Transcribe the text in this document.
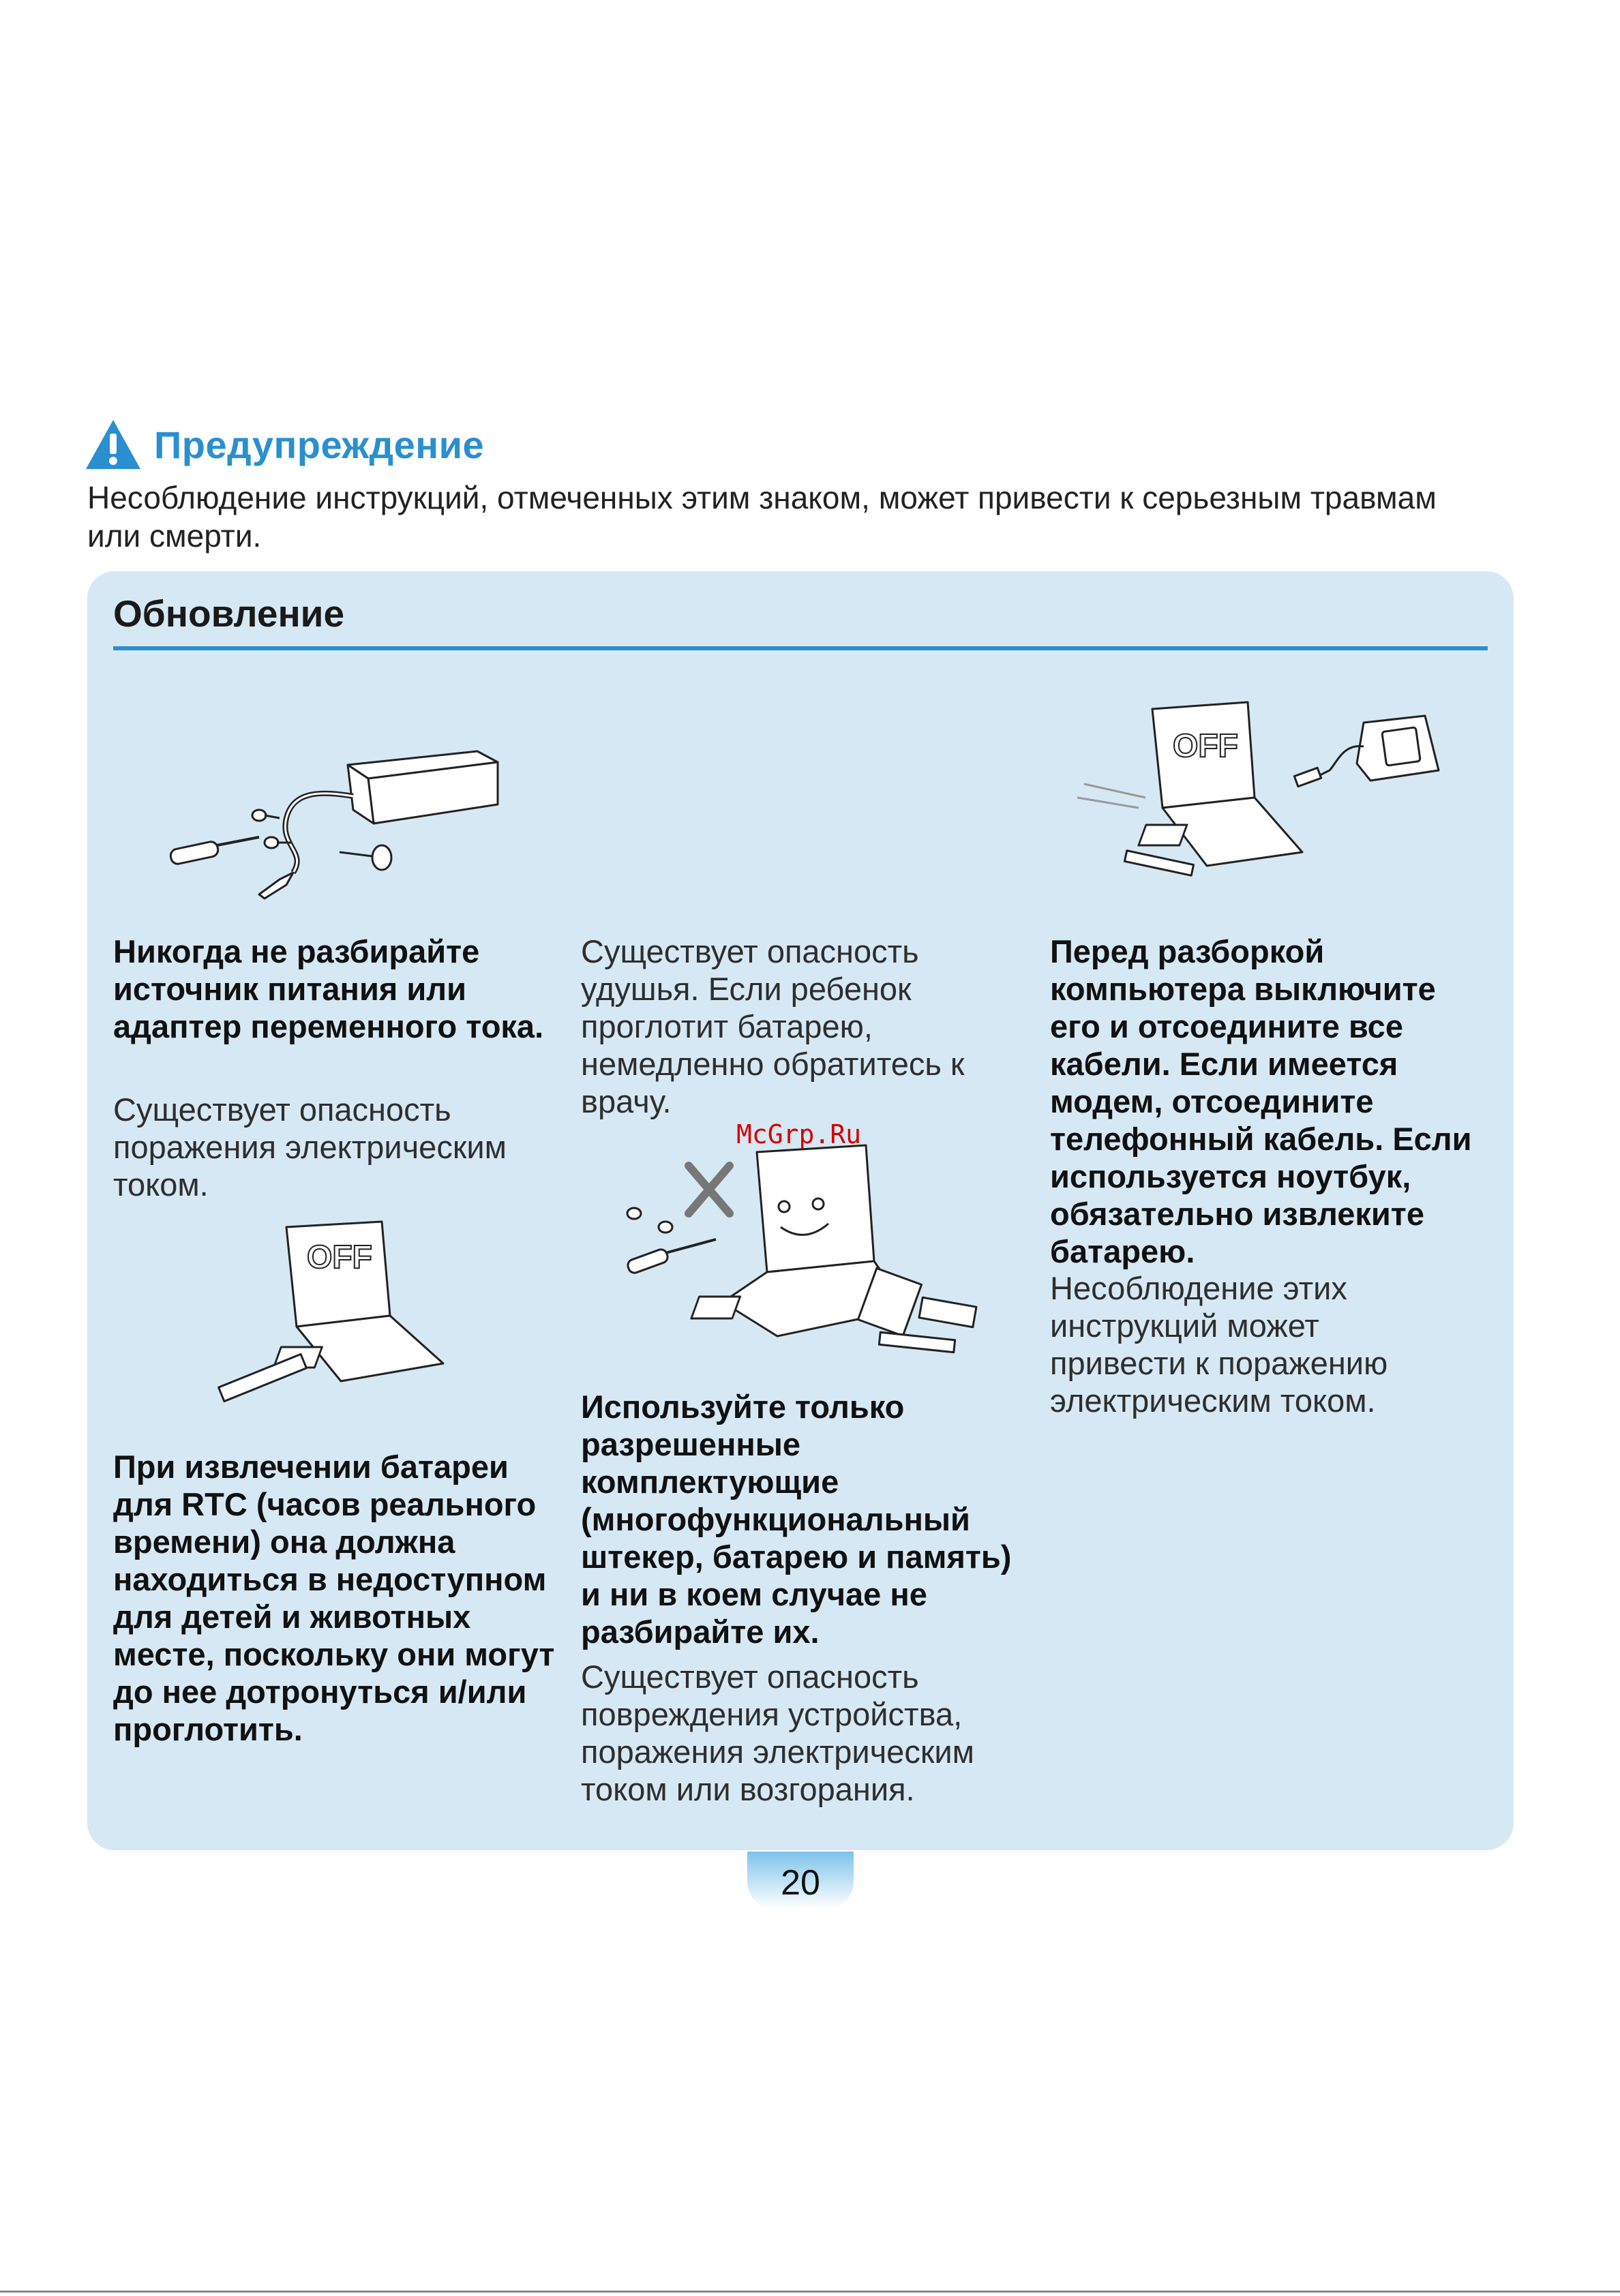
Предупреждение
Несоблюдение инструкций, отмеченных этим знаком, может привести к серьезным травмам или смерти.
Обновление
OFF
OFF
Никогда не разбирайте источник питания или адаптер переменного тока.
Существует опасность поражения электрическим током.
При извлечении батареи для RTC (часов реального времени) она должна находиться в недоступном для детей и животных месте, поскольку они могут до нее дотронуться и/или проглотить.
Существует опасность удушья. Если ребенок проглотит батарею, немедленно обратитесь к врачу.
Используйте только разрешенные комплектующие (многофункциональный штекер, батарею и память) и ни в коем случае не разбирайте их.
Существует опасность повреждения устройства, поражения электрическим током или возгорания.
Перед разборкой компьютера выключите его и отсоедините все кабели. Если имеется модем, отсоедините телефонный кабель. Если используется ноутбук, обязательно извлеките батарею.
Несоблюдение этих инструкций может привести к поражению электрическим током.
McGrp.Ru
20
